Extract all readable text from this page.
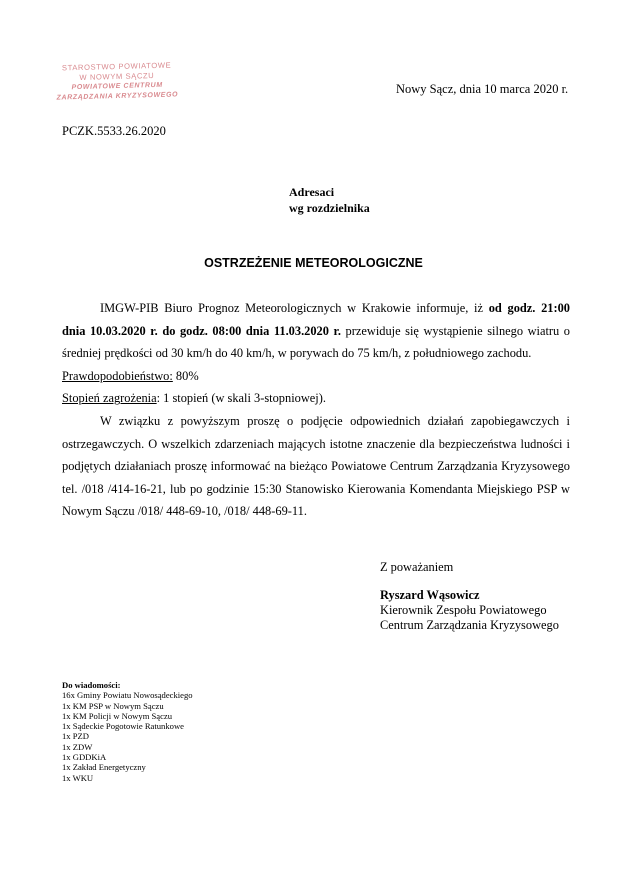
STAROSTWO POWIATOWE
W NOWYM SĄCZU
POWIATOWE CENTRUM
ZARZĄDZANIA KRYZYSOWEGO
Nowy Sącz, dnia 10 marca 2020 r.
PCZK.5533.26.2020
Adresaci
wg rozdzielnika
OSTRZEŻENIE METEOROLOGICZNE

IMGW-PIB Biuro Prognoz Meteorologicznych w Krakowie informuje, iż od godz. 21:00 dnia 10.03.2020 r. do godz. 08:00 dnia 11.03.2020 r. przewiduje się wystąpienie silnego wiatru o średniej prędkości od 30 km/h do 40 km/h, w porywach do 75 km/h, z południowego zachodu.

Prawdopodobieństwo: 80%

Stopień zagrożenia: 1 stopień (w skali 3-stopniowej).

W związku z powyższym proszę o podjęcie odpowiednich działań zapobiegawczych i ostrzegawczych. O wszelkich zdarzeniach mających istotne znaczenie dla bezpieczeństwa ludności i podjętych działaniach proszę informować na bieżąco Powiatowe Centrum Zarządzania Kryzysowego tel. /018 /414-16-21, lub po godzinie 15:30 Stanowisko Kierowania Komendanta Miejskiego PSP w Nowym Sączu /018/ 448-69-10, /018/ 448-69-11.

Z poważaniem
Ryszard Wąsowicz
Kierownik Zespołu Powiatowego
Centrum Zarządzania Kryzysowego
Do wiadomości:
16x Gminy Powiatu Nowosądeckiego
1x KM PSP w Nowym Sączu
1x KM Policji w Nowym Sączu
1x Sądeckie Pogotowie Ratunkowe
1x PZD
1x ZDW
1x GDDKiA
1x Zakład Energetyczny
1x WKU
